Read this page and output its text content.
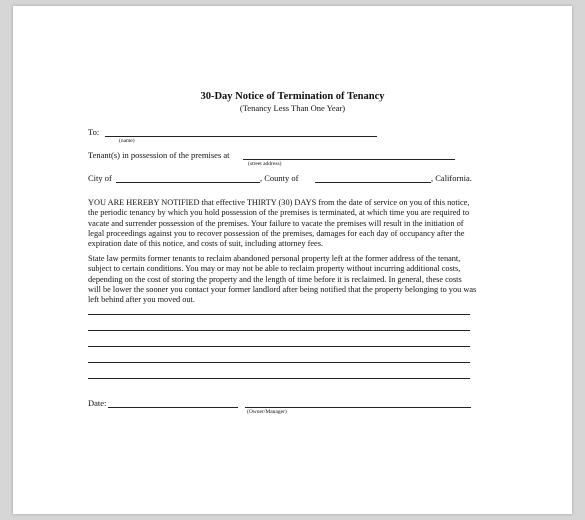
30-Day Notice of Termination of Tenancy
(Tenancy Less Than One Year)
To:
(name)
Tenant(s) in possession of the premises at
(street address)
City of	, County of	, California.
YOU ARE HEREBY NOTIFIED that effective THIRTY (30) DAYS from the date of service on you of this notice,
the periodic tenancy by which you hold possession of the premises is terminated, at which time you are required to
vacate and surrender possession of the premises. Your failure to vacate the premises will result in the initiation of
legal proceedings against you to recover possession of the premises, damages for each day of occupancy after the
expiration date of this notice, and costs of suit, including attorney fees.
State law permits former tenants to reclaim abandoned personal property left at the former address of the tenant,
subject to certain conditions. You may or may not be able to reclaim property without incurring additional costs,
depending on the cost of storing the property and the length of time before it is reclaimed. In general, these costs
will be lower the sooner you contact your former landlord after being notified that the property belonging to you was
left behind after you moved out.
Date:
(Owner/Manager)
